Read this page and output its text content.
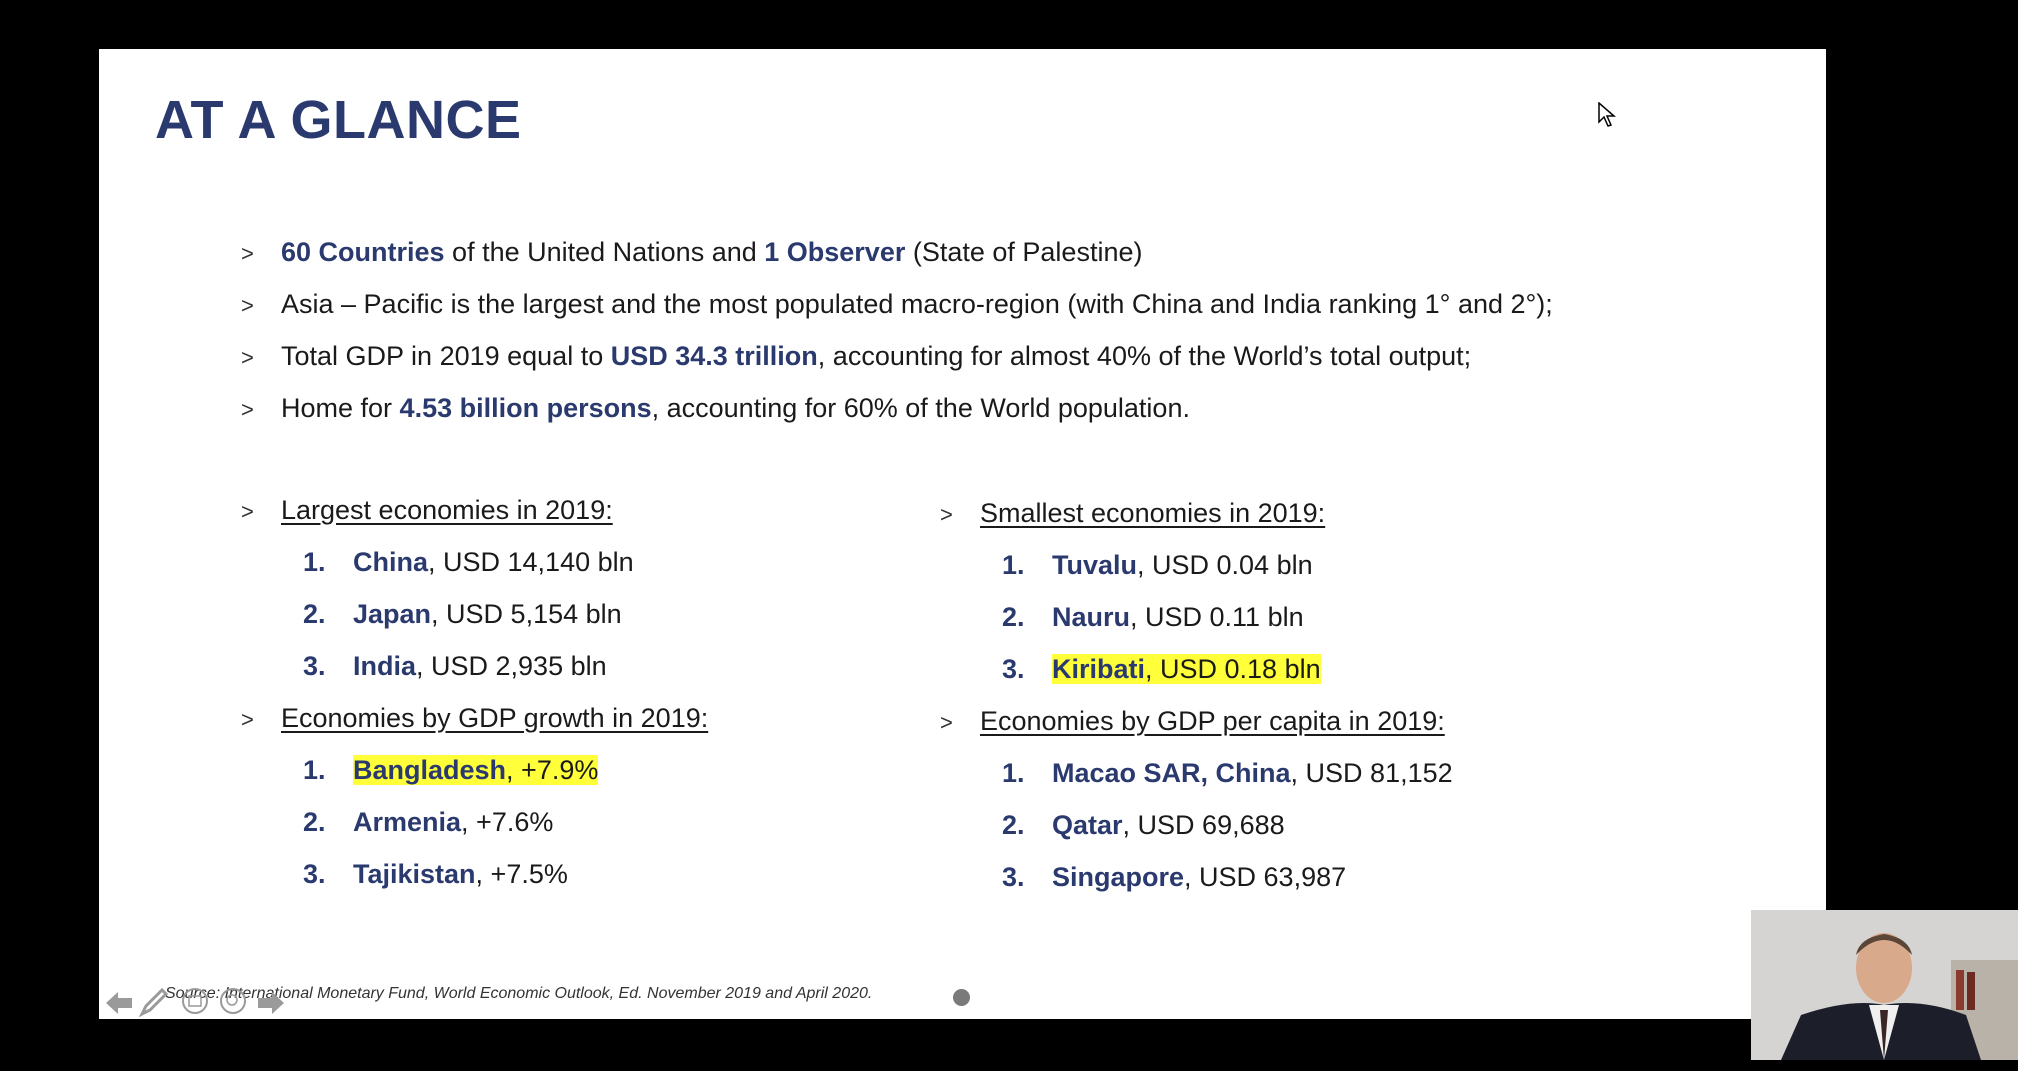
AT A GLANCE
> 60 Countries of the United Nations and 1 Observer (State of Palestine)
> Asia – Pacific is the largest and the most populated macro-region (with China and India ranking 1° and 2°);
> Total GDP in 2019 equal to USD 34.3 trillion, accounting for almost 40% of the World’s total output;
> Home for 4.53 billion persons, accounting for 60% of the World population.
> Largest economies in 2019:
1. China, USD 14,140 bln
2. Japan, USD 5,154 bln
3. India, USD 2,935 bln
> Economies by GDP growth in 2019:
1. Bangladesh, +7.9%
2. Armenia, +7.6%
3. Tajikistan, +7.5%
> Smallest economies in 2019:
1. Tuvalu, USD 0.04 bln
2. Nauru, USD 0.11 bln
3. Kiribati, USD 0.18 bln
> Economies by GDP per capita in 2019:
1. Macao SAR, China, USD 81,152
2. Qatar, USD 69,688
3. Singapore, USD 63,987
Source: International Monetary Fund, World Economic Outlook, Ed. November 2019 and April 2020.
